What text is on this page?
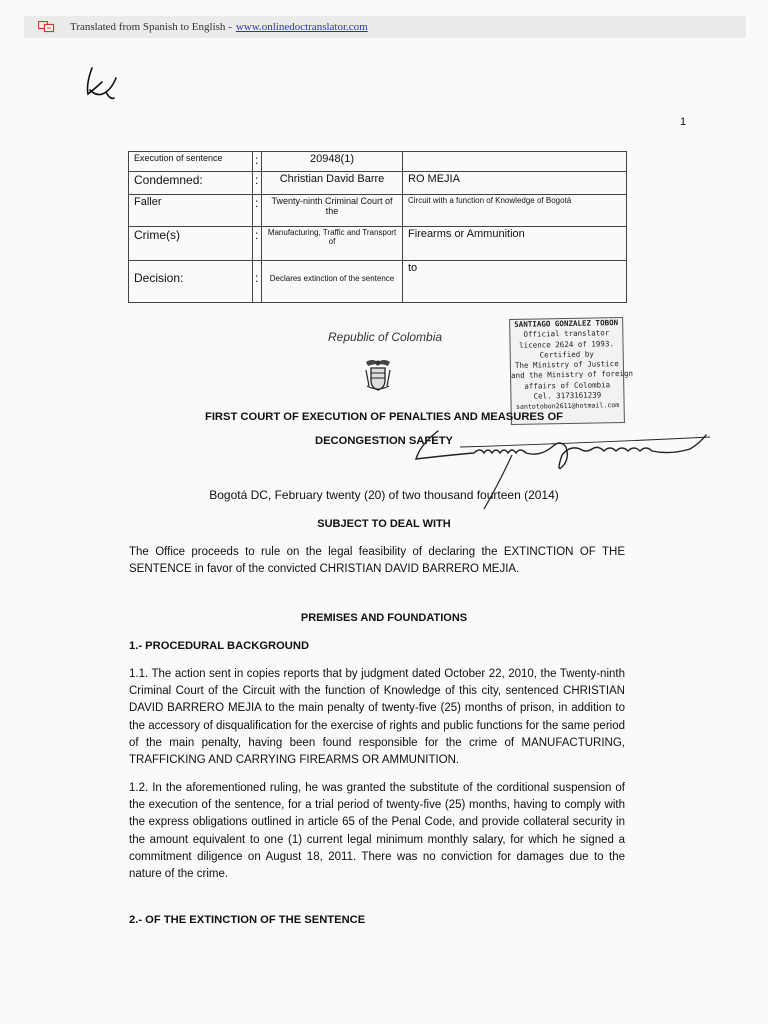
Translated from Spanish to English - www.onlinedoctranslator.com
1
Execution of sentence	:	20948(1)	
Condemned:	:	Christian David Barre	RO MEJIA
Faller	:	Twenty-ninth Criminal Court of the	Circuit with a function of Knowledge of Bogotá
Crime(s)	:	Manufacturing, Traffic and Transport of	Firearms or Ammunition
Decision:	:	Declares extinction of the sentence	to
Republic of Colombia
SANTIAGO GONZALEZ TOBON
Official translator
licence 2624 of 1993.
Certified by
The Ministry of Justice
and the Ministry of foreign
affairs of Colombia
Cel. 3173161239
santotobon2611@hotmail.com
FIRST COURT OF EXECUTION OF PENALTIES AND MEASURES OF
DECONGESTION SAFETY
Bogotá DC, February twenty (20) of two thousand fourteen (2014)
SUBJECT TO DEAL WITH
The Office proceeds to rule on the legal feasibility of declaring the EXTINCTION OF THE SENTENCE in favor of the convicted CHRISTIAN DAVID BARRERO MEJIA.
PREMISES AND FOUNDATIONS
1.- PROCEDURAL BACKGROUND
1.1. The action sent in copies reports that by judgment dated October 22, 2010, the Twenty-ninth Criminal Court of the Circuit with the function of Knowledge of this city, sentenced CHRISTIAN DAVID BARRERO MEJIA to the main penalty of twenty-five (25) months of prison, in addition to the accessory of disqualification for the exercise of rights and public functions for the same period of the main penalty, having been found responsible for the crime of MANUFACTURING, TRAFFICKING AND CARRYING FIREARMS OR AMMUNITION.
1.2. In the aforementioned ruling, he was granted the substitute of the corditional suspension of the execution of the sentence, for a trial period of twenty-five (25) months, having to comply with the express obligations outlined in article 65 of the Penal Code, and provide collateral security in the amount equivalent to one (1) current legal minimum monthly salary, for which he signed a commitment diligence on August 18, 2011. There was no conviction for damages due to the nature of the crime.
2.- OF THE EXTINCTION OF THE SENTENCE
